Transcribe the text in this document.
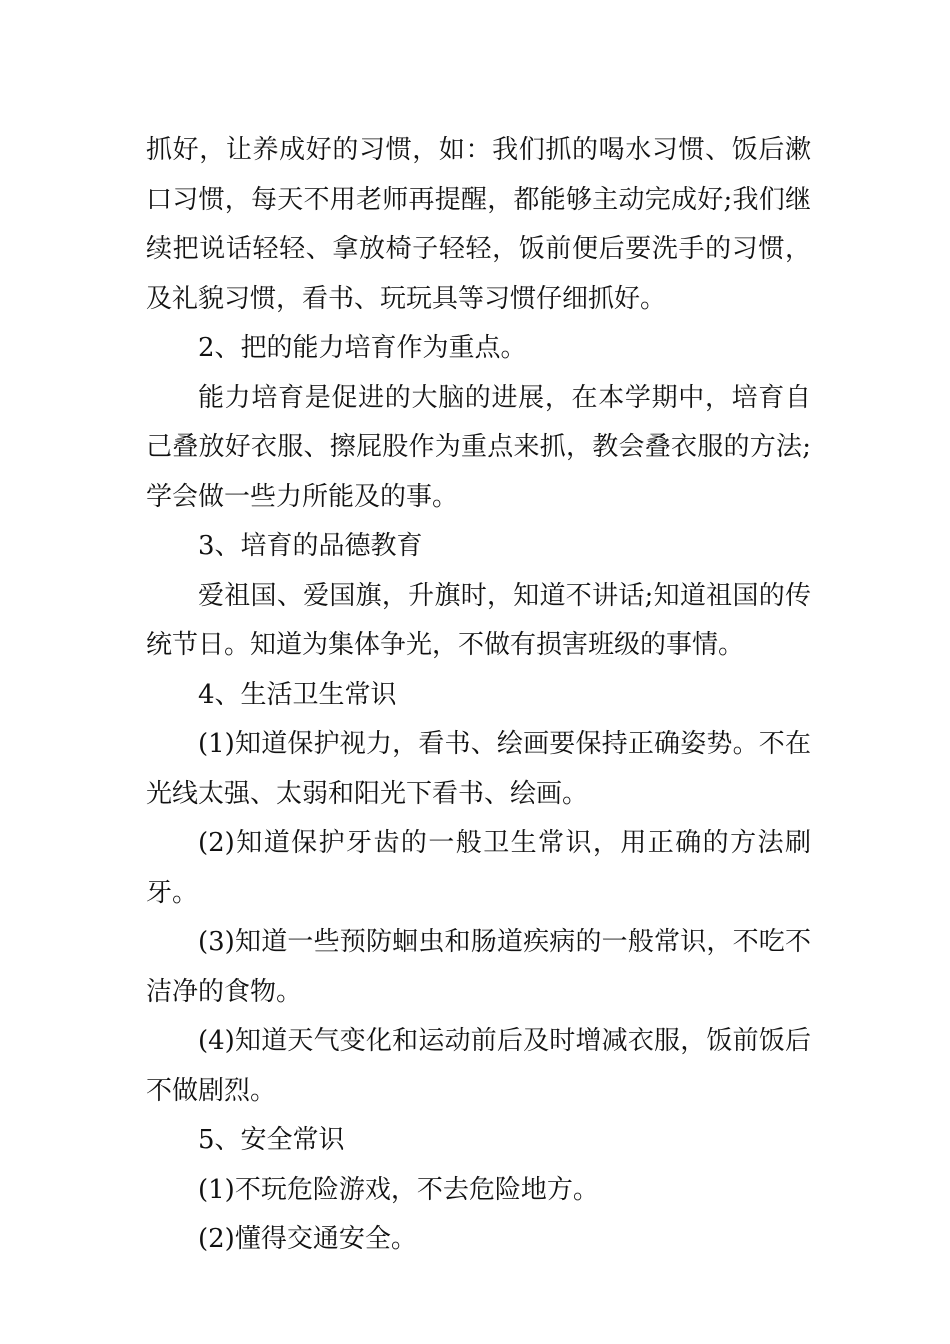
抓好，让养成好的习惯，如：我们抓的喝水习惯、饭后漱口习惯，每天不用老师再提醒，都能够主动完成好;我们继续把说话轻轻、拿放椅子轻轻，饭前便后要洗手的习惯，及礼貌习惯，看书、玩玩具等习惯仔细抓好。

2、把的能力培育作为重点。

能力培育是促进的大脑的进展，在本学期中，培育自己叠放好衣服、擦屁股作为重点来抓，教会叠衣服的方法;学会做一些力所能及的事。

3、培育的品德教育

爱祖国、爱国旗，升旗时，知道不讲话;知道祖国的传统节日。知道为集体争光，不做有损害班级的事情。

4、生活卫生常识

(1)知道保护视力，看书、绘画要保持正确姿势。不在光线太强、太弱和阳光下看书、绘画。

(2)知道保护牙齿的一般卫生常识，用正确的方法刷牙。

(3)知道一些预防蛔虫和肠道疾病的一般常识，不吃不洁净的食物。

(4)知道天气变化和运动前后及时增减衣服，饭前饭后不做剧烈。

5、安全常识

(1)不玩危险游戏，不去危险地方。

(2)懂得交通安全。
